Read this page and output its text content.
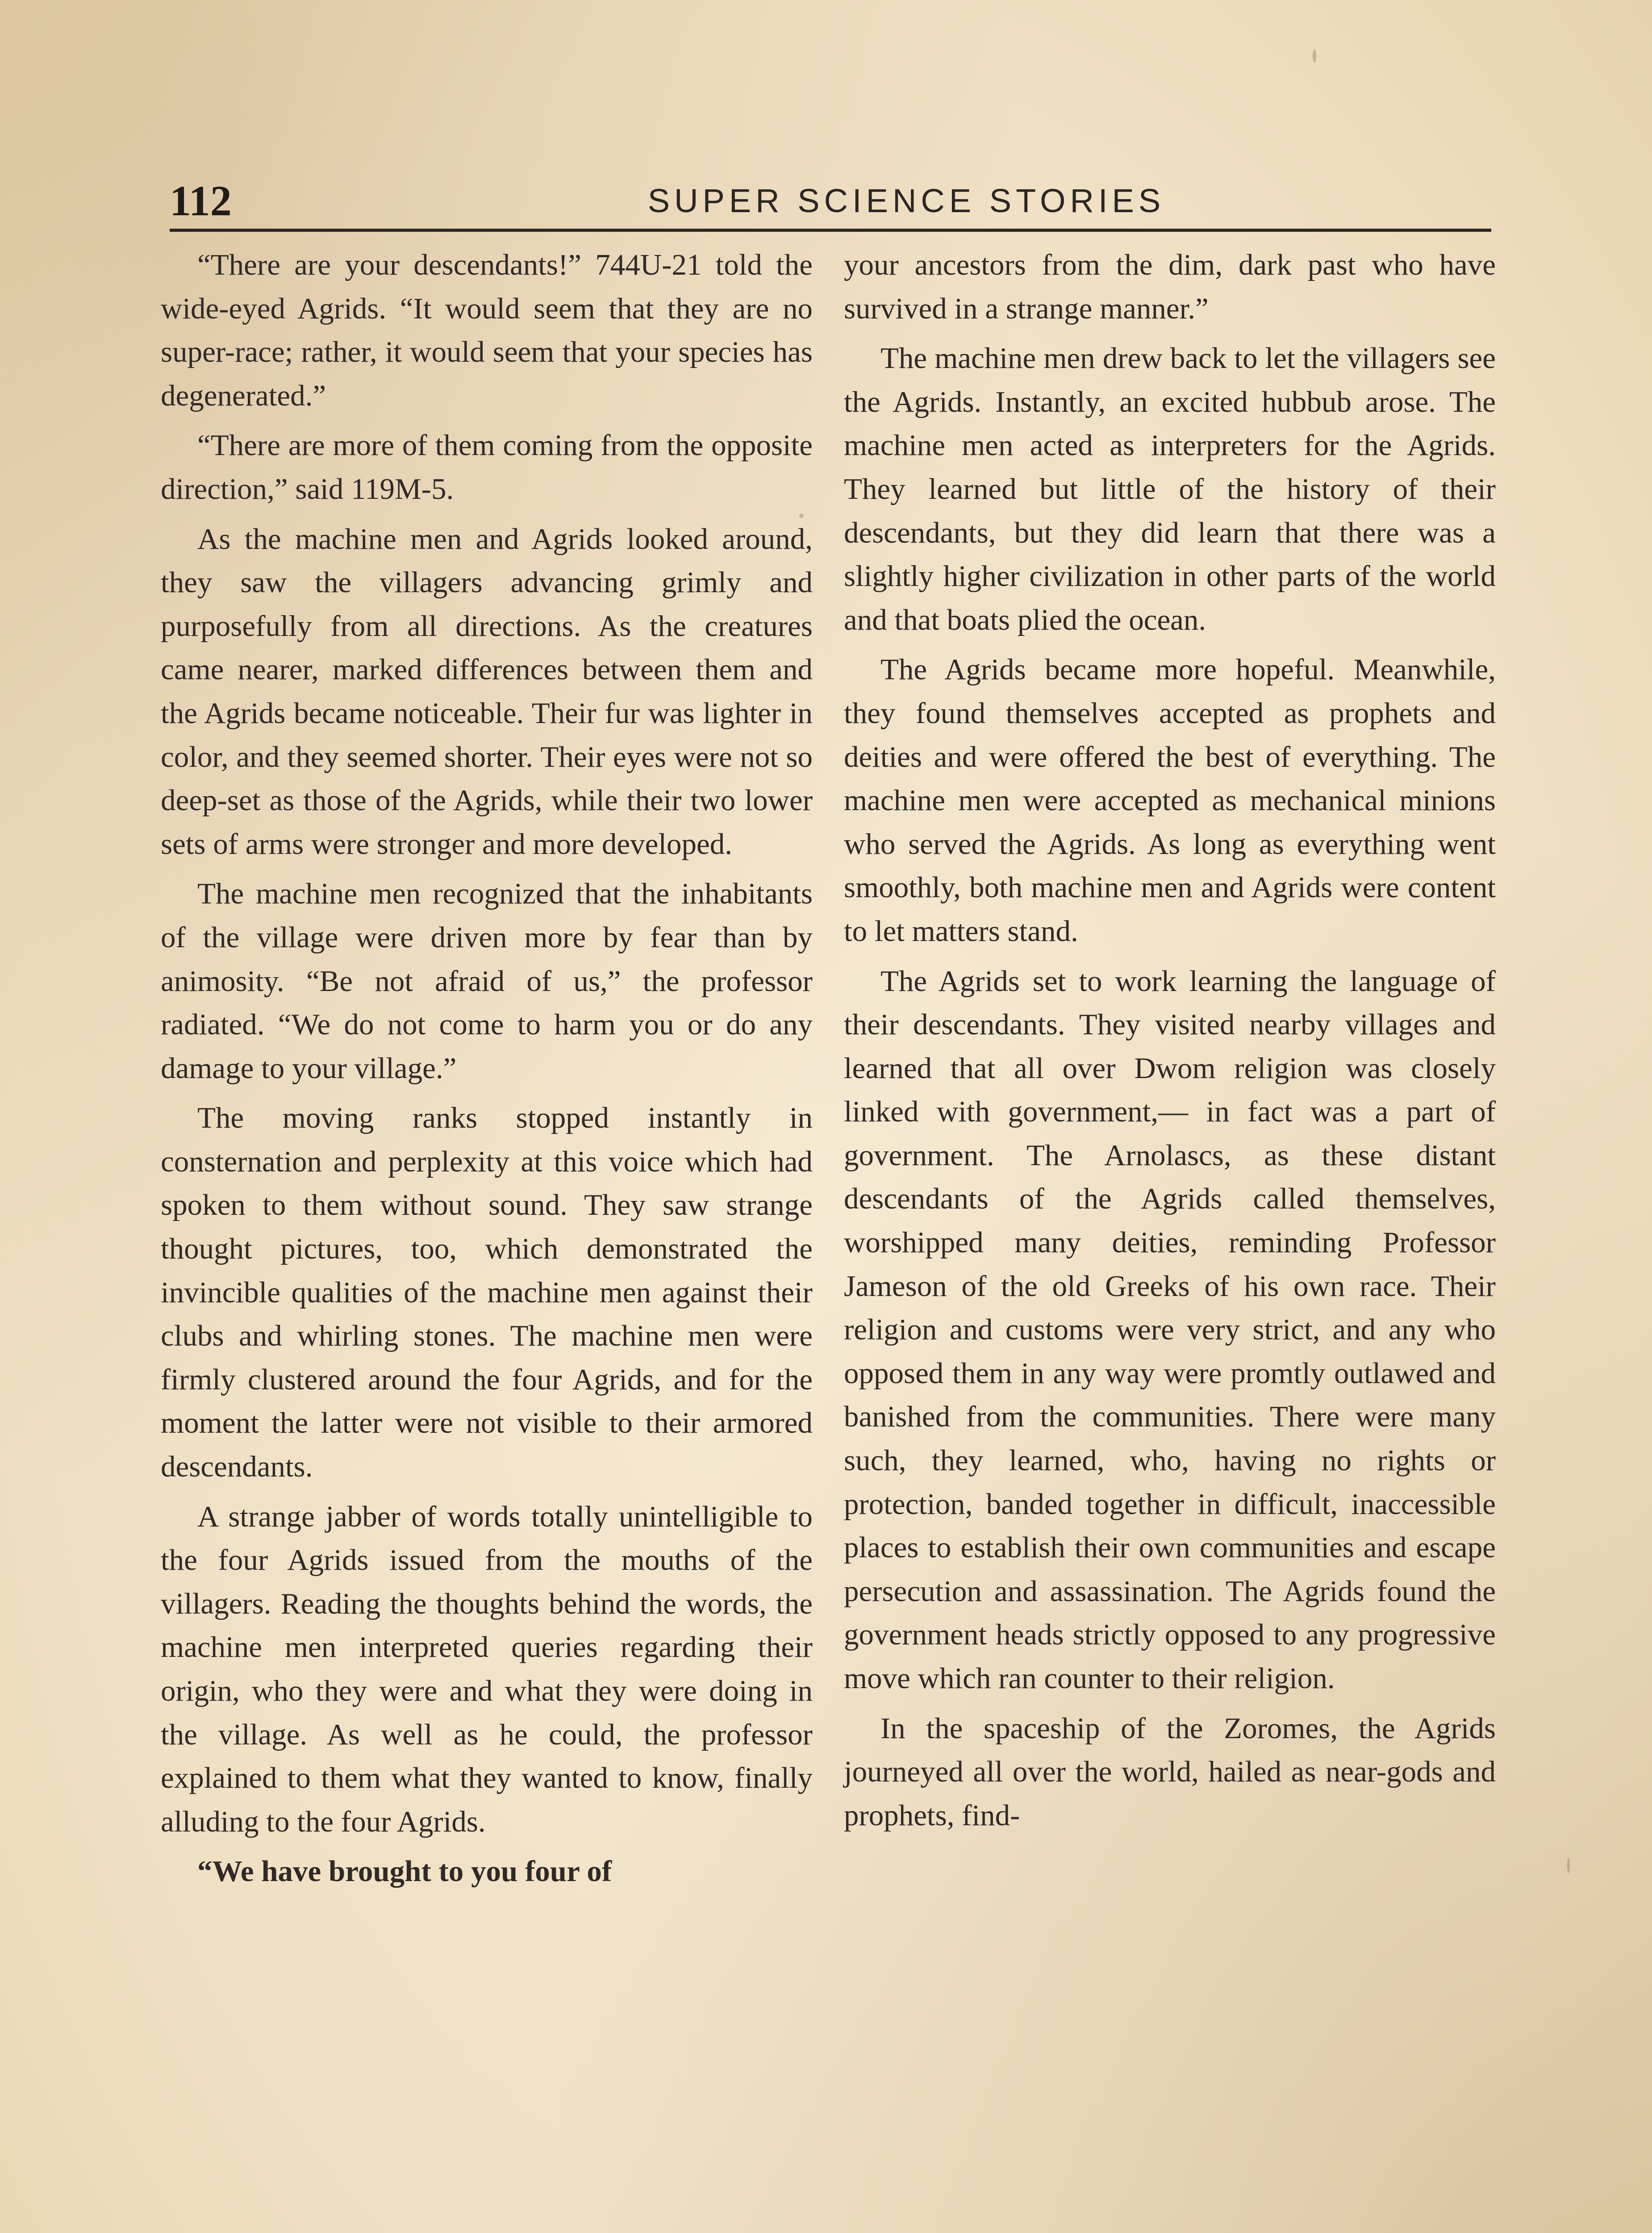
112	SUPER SCIENCE STORIES

“There are your descendants!” 744U-21 told the wide-eyed Agrids. “It would seem that they are no super-race; rather, it would seem that your species has degenerated.”

“There are more of them coming from the opposite direction,” said 119M-5.

As the machine men and Agrids looked around, they saw the villagers advancing grimly and purposefully from all directions. As the creatures came nearer, marked differences between them and the Agrids became noticeable. Their fur was lighter in color, and they seemed shorter. Their eyes were not so deep-set as those of the Agrids, while their two lower sets of arms were stronger and more developed.

The machine men recognized that the inhabitants of the village were driven more by fear than by animosity. “Be not afraid of us,” the professor radiated. “We do not come to harm you or do any damage to your village.”

The moving ranks stopped instantly in consternation and perplexity at this voice which had spoken to them without sound. They saw strange thought pictures, too, which demonstrated the invincible qualities of the machine men against their clubs and whirling stones. The machine men were firmly clustered around the four Agrids, and for the moment the latter were not visible to their armored descendants.

A strange jabber of words totally unintelligible to the four Agrids issued from the mouths of the villagers. Reading the thoughts behind the words, the machine men interpreted queries regarding their origin, who they were and what they were doing in the village. As well as he could, the professor explained to them what they wanted to know, finally alluding to the four Agrids.

“We have brought to you four of

your ancestors from the dim, dark past who have survived in a strange manner.”

The machine men drew back to let the villagers see the Agrids. Instantly, an excited hubbub arose. The machine men acted as interpreters for the Agrids. They learned but little of the history of their descendants, but they did learn that there was a slightly higher civilization in other parts of the world and that boats plied the ocean.

The Agrids became more hopeful. Meanwhile, they found themselves accepted as prophets and deities and were offered the best of everything. The machine men were accepted as mechanical minions who served the Agrids. As long as everything went smoothly, both machine men and Agrids were content to let matters stand.

The Agrids set to work learning the language of their descendants. They visited nearby villages and learned that all over Dwom religion was closely linked with government,— in fact was a part of government. The Arnolascs, as these distant descendants of the Agrids called themselves, worshipped many deities, reminding Professor Jameson of the old Greeks of his own race. Their religion and customs were very strict, and any who opposed them in any way were promtly outlawed and banished from the communities. There were many such, they learned, who, having no rights or protection, banded together in difficult, inaccessible places to establish their own communities and escape persecution and assassination. The Agrids found the government heads strictly opposed to any progressive move which ran counter to their religion.

In the spaceship of the Zoromes, the Agrids journeyed all over the world, hailed as near-gods and prophets, find-
